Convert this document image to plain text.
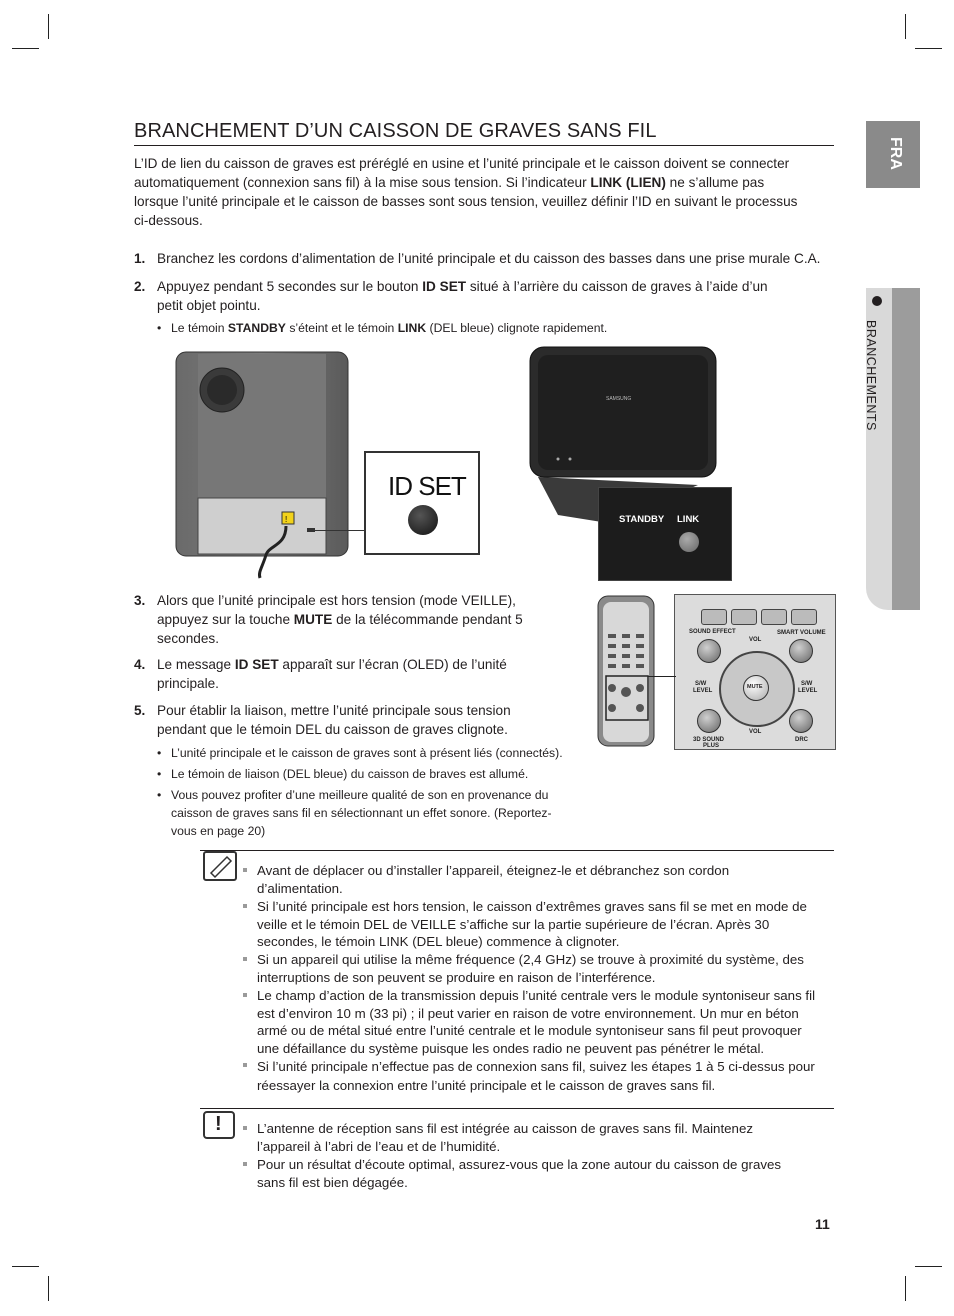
FRA
BRANCHEMENTS
BRANCHEMENT D’UN CAISSON DE GRAVES SANS FIL
L’ID de lien du caisson de graves est préréglé en usine et l’unité principale et le caisson doivent se connecter
automatiquement (connexion sans fil) à la mise sous tension. Si l’indicateur LINK (LIEN) ne s’allume pas
lorsque l’unité principale et le caisson de basses sont sous tension, veuillez définir l’ID en suivant le processus
ci-dessous.
1. Branchez les cordons d’alimentation de l’unité principale et du caisson des basses dans une prise murale C.A.
2. Appuyez pendant 5 secondes sur le bouton ID SET situé à l’arrière du caisson de graves à l’aide d’un
petit objet pointu.
• Le témoin STANDBY s’éteint et le témoin LINK (DEL bleue) clignote rapidement.
!
ID SET
SAMSUNG
STANDBY LINK
3. Alors que l’unité principale est hors tension (mode VEILLE),
appuyez sur la touche MUTE de la télécommande pendant 5
secondes.
4. Le message ID SET apparaît sur l’écran (OLED) de l’unité
principale.
5. Pour établir la liaison, mettre l’unité principale sous tension
pendant que le témoin DEL du caisson de graves clignote.
• L’unité principale et le caisson de graves sont à présent liés (connectés).
• Le témoin de liaison (DEL bleue) du caisson de braves est allumé.
• Vous pouvez profiter d’une meilleure qualité de son en provenance du
caisson de graves sans fil en sélectionnant un effet sonore. (Reportez-
vous en page 20)
SOUND EFFECT	SMART VOLUME
VOL
S/W
LEVEL
S/W
LEVEL
MUTE
VOL
3D SOUND
PLUS
DRC
Avant de déplacer ou d’installer l’appareil, éteignez-le et débranchez son cordon
d’alimentation.
Si l’unité principale est hors tension, le caisson d’extrêmes graves sans fil se met en mode de
veille et le témoin DEL de VEILLE s’affiche sur la partie supérieure de l’écran. Après 30
secondes, le témoin LINK (DEL bleue) commence à clignoter.
Si un appareil qui utilise la même fréquence (2,4 GHz) se trouve à proximité du système, des
interruptions de son peuvent se produire en raison de l’interférence.
Le champ d’action de la transmission depuis l’unité centrale vers le module syntoniseur sans fil
est d’environ 10 m (33 pi) ; il peut varier en raison de votre environnement. Un mur en béton
armé ou de métal situé entre l’unité centrale et le module syntoniseur sans fil peut provoquer
une défaillance du système puisque les ondes radio ne peuvent pas pénétrer le métal.
Si l’unité principale n’effectue pas de connexion sans fil, suivez les étapes 1 à 5 ci-dessus pour
réessayer la connexion entre l’unité principale et le caisson de graves sans fil.
!	L’antenne de réception sans fil est intégrée au caisson de graves sans fil. Maintenez
l’appareil à l’abri de l’eau et de l’humidité.
Pour un résultat d’écoute optimal, assurez-vous que la zone autour du caisson de graves
sans fil est bien dégagée.
11
